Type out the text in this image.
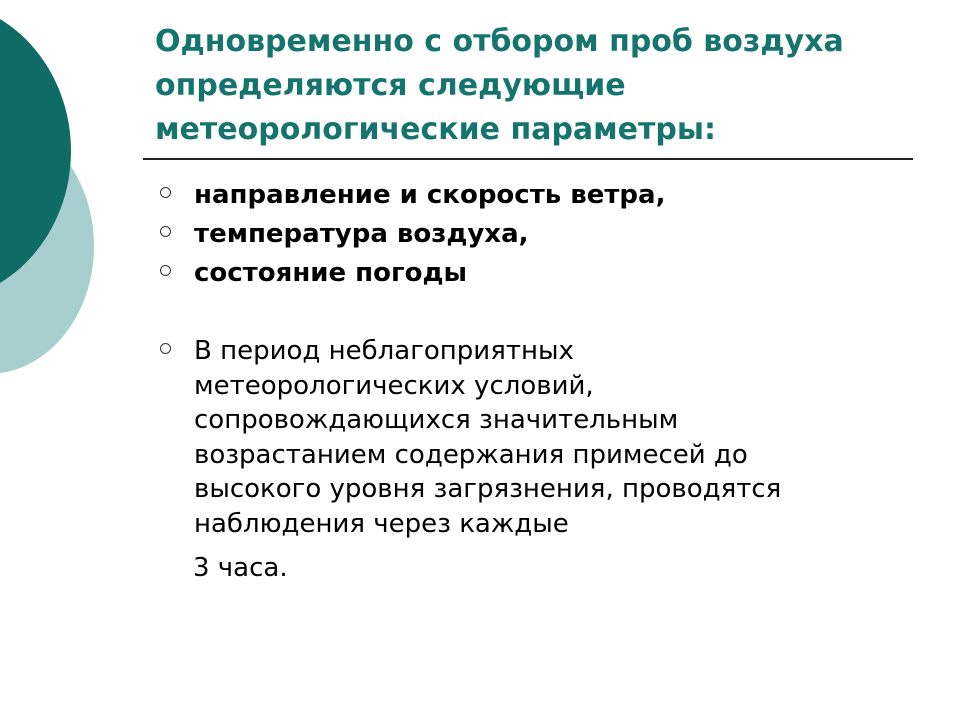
Одновременно с отбором проб воздуха
определяются следующие
метеорологические параметры:
направление и скорость ветра,
температура воздуха,
состояние погоды
В период неблагоприятных
метеорологических условий,
сопровождающихся значительным
возрастанием содержания примесей до
высокого уровня загрязнения, проводятся
наблюдения через каждые
3 часа.
